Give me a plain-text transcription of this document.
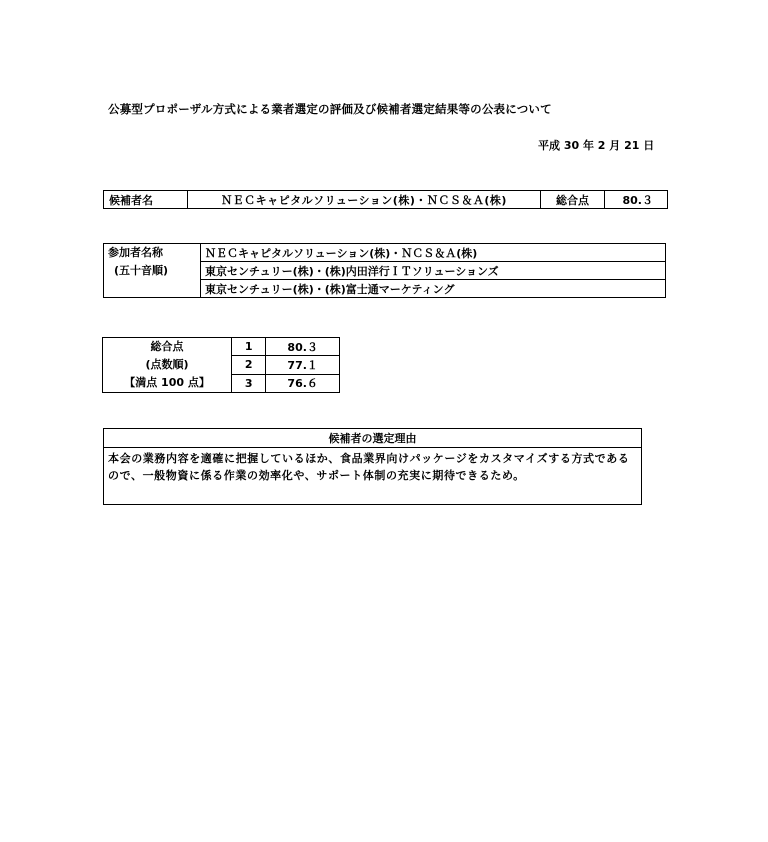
公募型プロポーザル方式による業者選定の評価及び候補者選定結果等の公表について
平成 30 年 2 月 21 日
候補者名	ＮＥＣキャピタルソリューション(株)・ＮＣＳ＆Ａ(株)	総合点	80.３
参加者名称
(五十音順)
	ＮＥＣキャピタルソリューション(株)・ＮＣＳ＆Ａ(株)
東京センチュリー(株)・(株)内田洋行ＩＴソリューションズ
東京センチュリー(株)・(株)富士通マーケティング
総合点
(点数順)
【満点 100 点】	1	80.３
	2	77.１
	3	76.６
候補者の選定理由
本会の業務内容を適確に把握しているほか、食品業界向けパッケージをカスタマイズする方式であるので、一般物資に係る作業の効率化や、サポート体制の充実に期待できるため。
